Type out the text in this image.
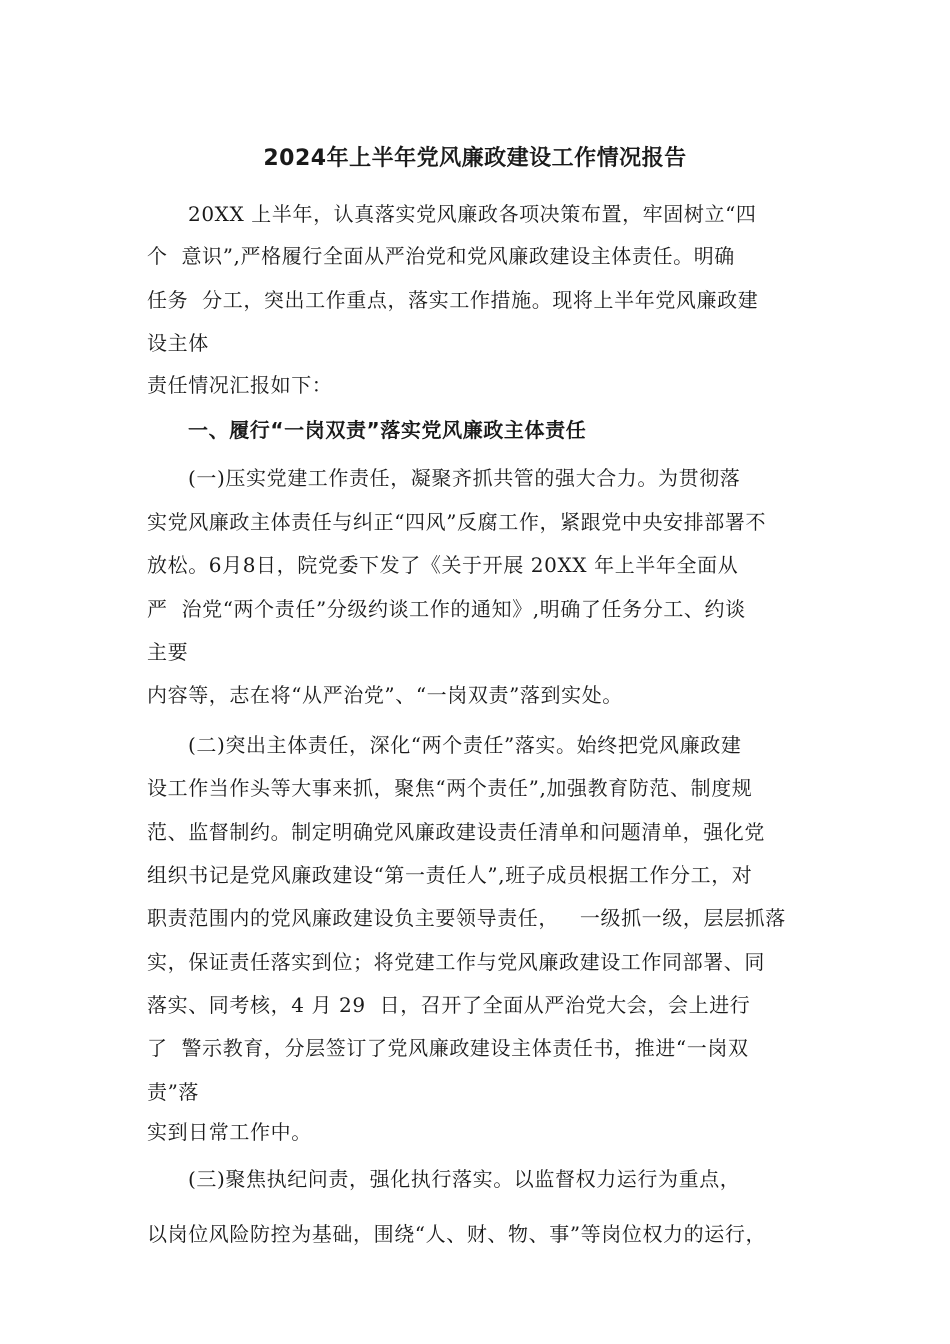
2024年上半年党风廉政建设工作情况报告
20XX 上半年，认真落实党风廉政各项决策布置，牢固树立“四
个  意识”,严格履行全面从严治党和党风廉政建设主体责任。明确
任务  分工，突出工作重点，落实工作措施。现将上半年党风廉政建
设主体
责任情况汇报如下：
一、履行“一岗双责”落实党风廉政主体责任
(一)压实党建工作责任，凝聚齐抓共管的强大合力。为贯彻落
实党风廉政主体责任与纠正“四风”反腐工作，紧跟党中央安排部署不
放松。6月8日，院党委下发了《关于开展 20XX 年上半年全面从
严  治党“两个责任”分级约谈工作的通知》,明确了任务分工、约谈
主要
内容等，志在将“从严治党”、“一岗双责”落到实处。
(二)突出主体责任，深化“两个责任”落实。始终把党风廉政建
设工作当作头等大事来抓，聚焦“两个责任”,加强教育防范、制度规
范、监督制约。制定明确党风廉政建设责任清单和问题清单，强化党
组织书记是党风廉政建设“第一责任人”,班子成员根据工作分工，对
职责范围内的党风廉政建设负主要领导责任，   一级抓一级，层层抓落
实，保证责任落实到位；将党建工作与党风廉政建设工作同部署、同
落实、同考核，4 月 29  日，召开了全面从严治党大会，会上进行
了  警示教育，分层签订了党风廉政建设主体责任书，推进“一岗双
责”落
实到日常工作中。
(三)聚焦执纪问责，强化执行落实。以监督权力运行为重点，
以岗位风险防控为基础，围绕“人、财、物、事”等岗位权力的运行，
